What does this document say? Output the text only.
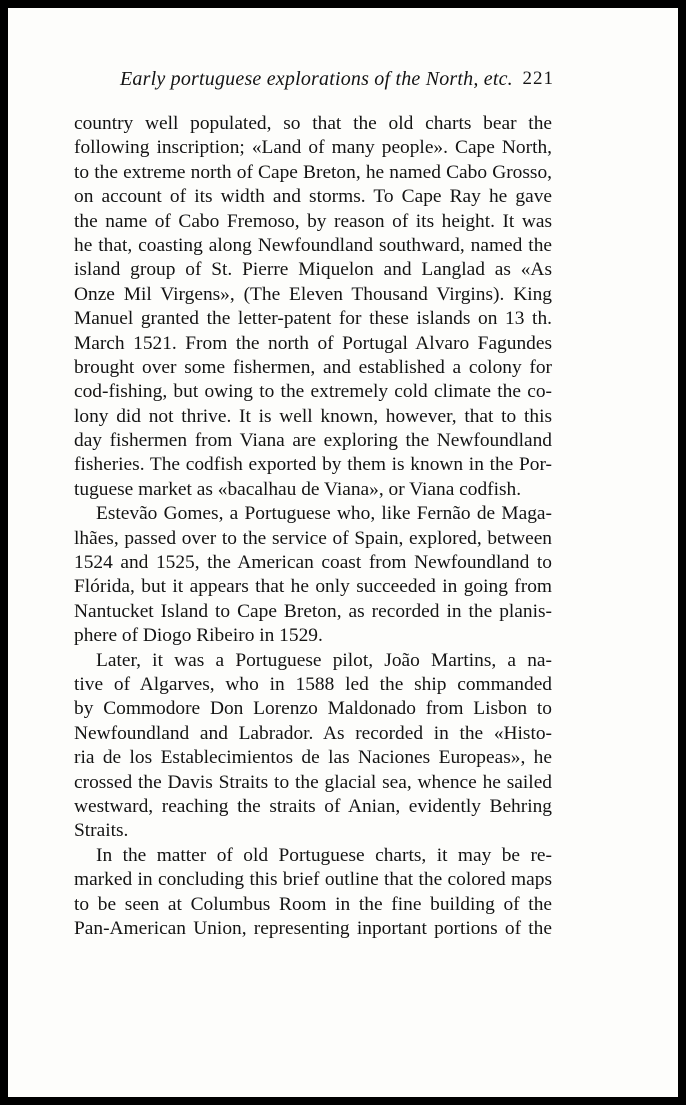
Early portuguese explorations of the North, etc. 221
country well populated, so that the old charts bear the
following inscription; «Land of many people». Cape North,
to the extreme north of Cape Breton, he named Cabo Grosso,
on account of its width and storms. To Cape Ray he gave
the name of Cabo Fremoso, by reason of its height. It was
he that, coasting along Newfoundland southward, named the
island group of St. Pierre Miquelon and Langlad as «As
Onze Mil Virgens», (The Eleven Thousand Virgins). King
Manuel granted the letter-patent for these islands on 13 th.
March 1521. From the north of Portugal Alvaro Fagundes
brought over some fishermen, and established a colony for
cod-fishing, but owing to the extremely cold climate the co-
lony did not thrive. It is well known, however, that to this
day fishermen from Viana are exploring the Newfoundland
fisheries. The codfish exported by them is known in the Por-
tuguese market as «bacalhau de Viana», or Viana codfish.
Estevão Gomes, a Portuguese who, like Fernão de Maga-
lhães, passed over to the service of Spain, explored, between
1524 and 1525, the American coast from Newfoundland to
Flórida, but it appears that he only succeeded in going from
Nantucket Island to Cape Breton, as recorded in the planis-
phere of Diogo Ribeiro in 1529.
Later, it was a Portuguese pilot, João Martins, a na-
tive of Algarves, who in 1588 led the ship commanded
by Commodore Don Lorenzo Maldonado from Lisbon to
Newfoundland and Labrador. As recorded in the «Histo-
ria de los Establecimientos de las Naciones Europeas», he
crossed the Davis Straits to the glacial sea, whence he sailed
westward, reaching the straits of Anian, evidently Behring
Straits.
In the matter of old Portuguese charts, it may be re-
marked in concluding this brief outline that the colored maps
to be seen at Columbus Room in the fine building of the
Pan-American Union, representing inportant portions of the
